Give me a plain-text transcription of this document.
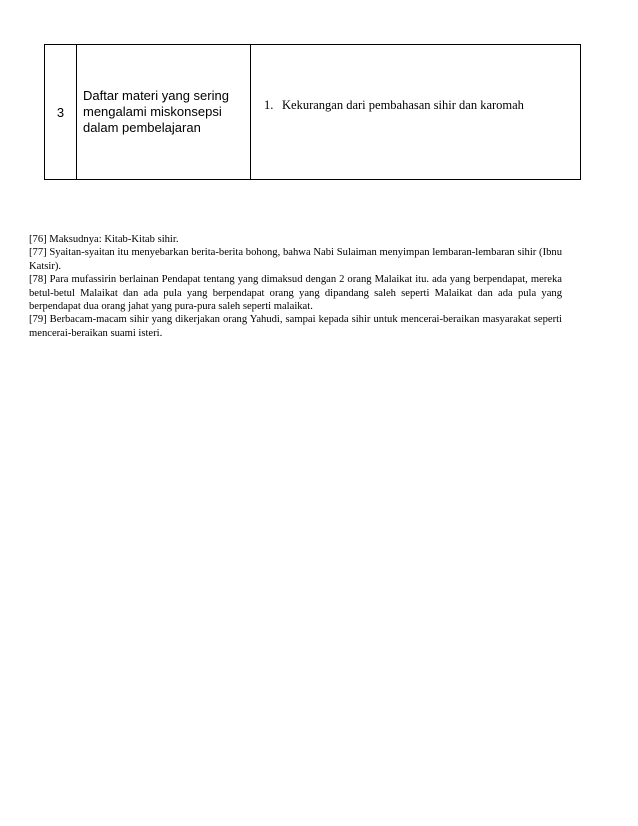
3
Daftar materi yang sering
mengalami miskonsepsi
dalam pembelajaran
1. Kekurangan dari pembahasan sihir dan karomah

[76] Maksudnya: Kitab-Kitab sihir.

[77] Syaitan-syaitan itu menyebarkan berita-berita bohong, bahwa Nabi Sulaiman menyimpan lembaran-lembaran sihir (Ibnu Katsir).

[78] Para mufassirin berlainan Pendapat tentang yang dimaksud dengan 2 orang Malaikat itu. ada yang berpendapat, mereka betul-betul Malaikat dan ada pula yang berpendapat orang yang dipandang saleh seperti Malaikat dan ada pula yang berpendapat dua orang jahat yang pura-pura saleh seperti malaikat.

[79] Berbacam-macam sihir yang dikerjakan orang Yahudi, sampai kepada sihir untuk mencerai-beraikan masyarakat seperti mencerai-beraikan suami isteri.
